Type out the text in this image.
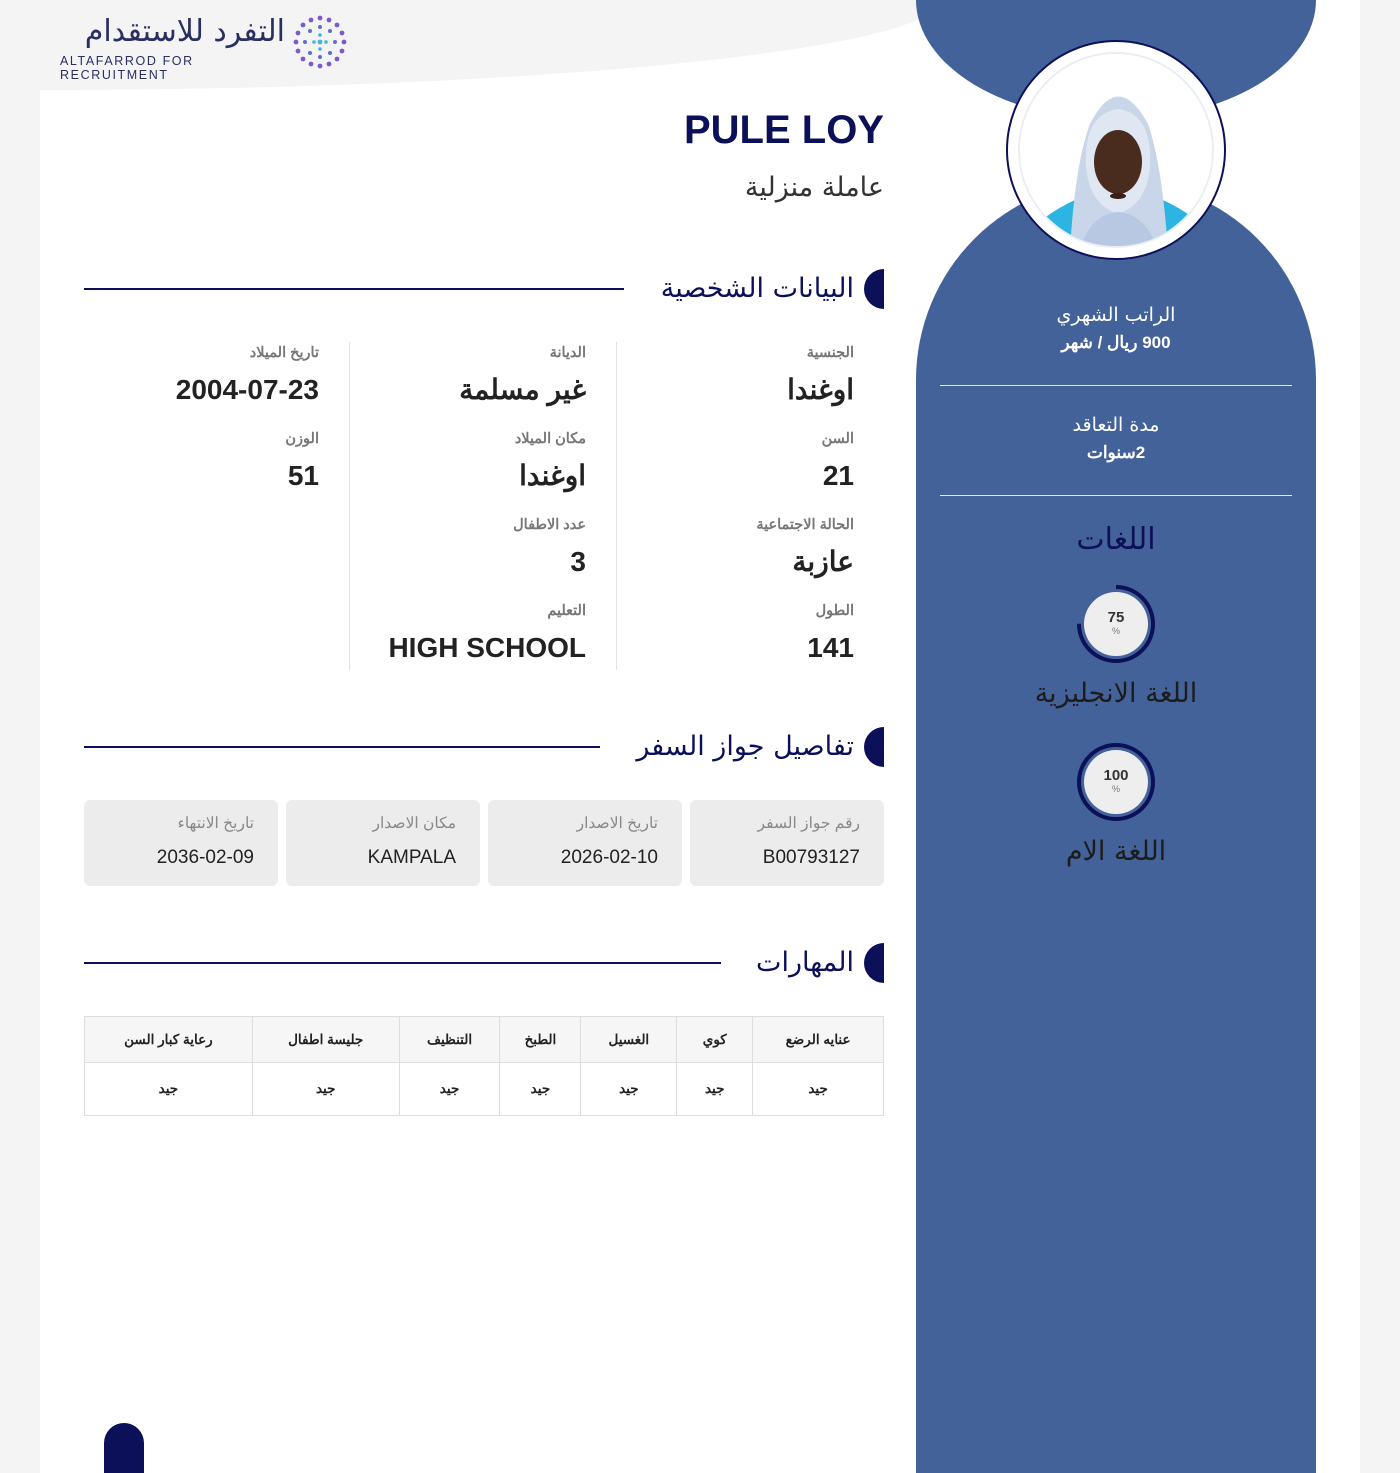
التفرد للاستقدام
ALTAFARROD FOR RECRUITMENT
الراتب الشهري
900 ريال / شهر
مدة التعاقد
2سنوات
اللغات
75
%
اللغة الانجليزية
100
%
اللغة الام
PULE LOY
عاملة منزلية
البيانات الشخصية
الجنسية
اوغندا
السن
21
الحالة الاجتماعية
عازبة
الطول
141
الديانة
غير مسلمة
مكان الميلاد
اوغندا
عدد الاطفال
3
التعليم
HIGH SCHOOL
تاريخ الميلاد
2004-07-23
الوزن
51
تفاصيل جواز السفر
رقم جواز السفر
B00793127
تاريخ الاصدار
2026-02-10
مكان الاصدار
KAMPALA
تاريخ الانتهاء
2036-02-09
المهارات
عنايه الرضع	كوي	الغسيل	الطبخ	التنظيف	جليسة اطفال	رعاية كبار السن
جيد	جيد	جيد	جيد	جيد	جيد	جيد
